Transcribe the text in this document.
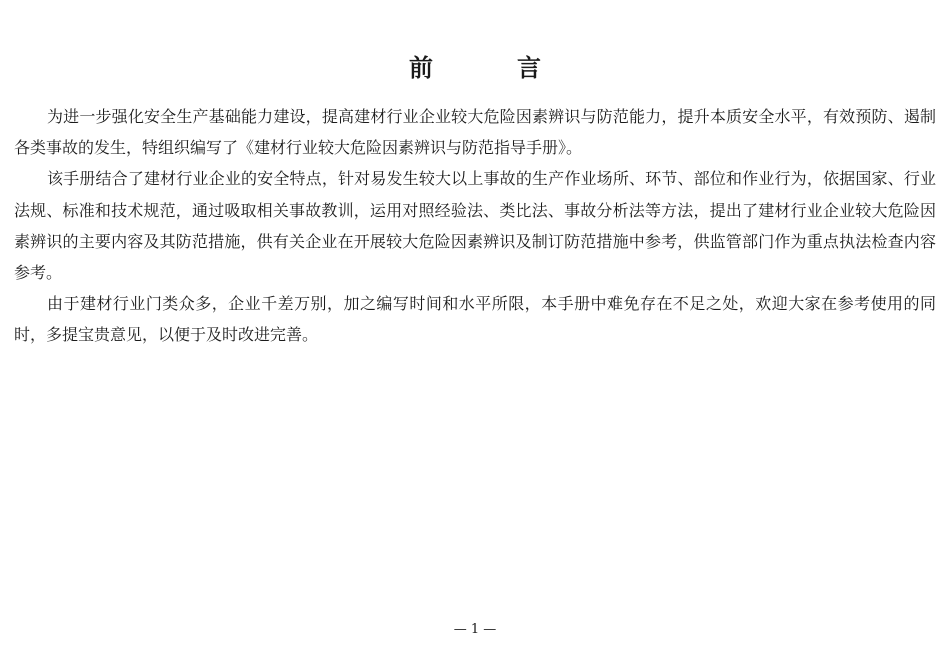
前　言

为进一步强化安全生产基础能力建设，提高建材行业企业较大危险因素辨识与防范能力，提升本质安全水平，有效预防、遏制各类事故的发生，特组织编写了《建材行业较大危险因素辨识与防范指导手册》。

该手册结合了建材行业企业的安全特点，针对易发生较大以上事故的生产作业场所、环节、部位和作业行为，依据国家、行业法规、标准和技术规范，通过吸取相关事故教训，运用对照经验法、类比法、事故分析法等方法，提出了建材行业企业较大危险因素辨识的主要内容及其防范措施，供有关企业在开展较大危险因素辨识及制订防范措施中参考，供监管部门作为重点执法检查内容参考。

由于建材行业门类众多，企业千差万别，加之编写时间和水平所限，本手册中难免存在不足之处，欢迎大家在参考使用的同时，多提宝贵意见，以便于及时改进完善。

— 1 —
